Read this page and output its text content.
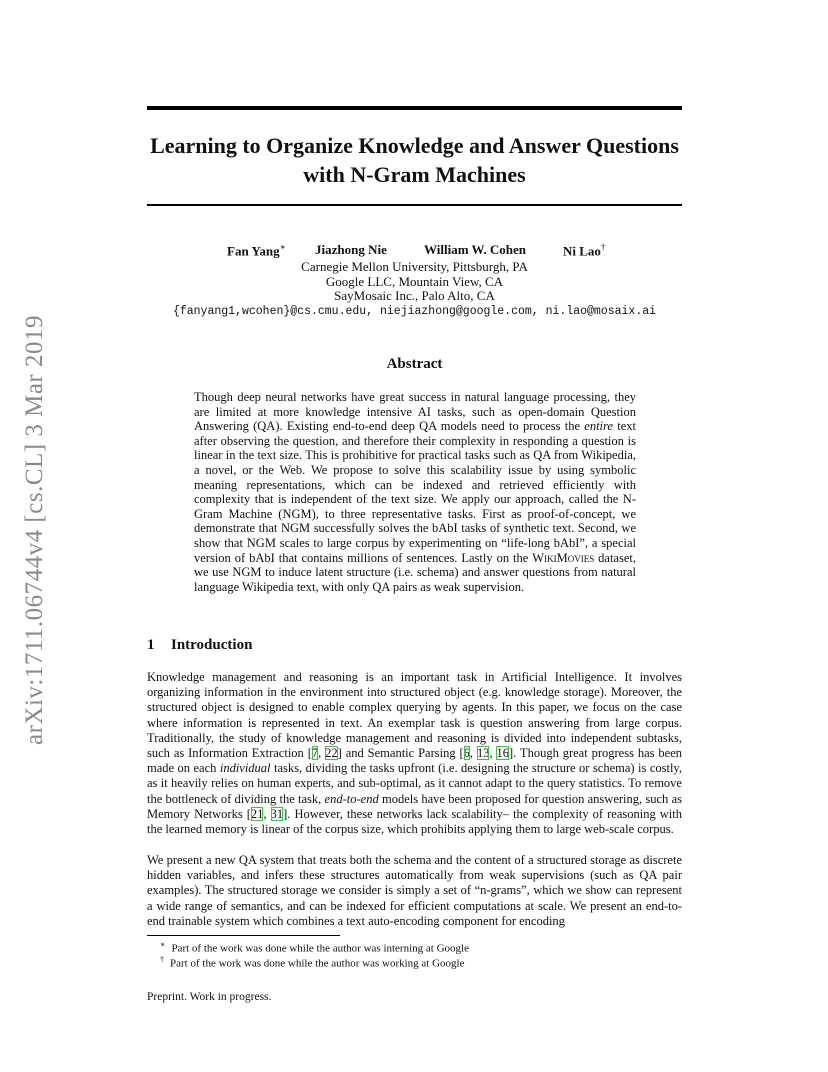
Learning to Organize Knowledge and Answer Questions with N-Gram Machines
arXiv:1711.06744v4 [cs.CL] 3 Mar 2019
Fan Yang∗ Jiazhong Nie	William W. Cohen	Ni Lao†
Carnegie Mellon University, Pittsburgh, PA
Google LLC, Mountain View, CA
SayMosaic Inc., Palo Alto, CA
{fanyang1,wcohen}@cs.cmu.edu, niejiazhong@google.com, ni.lao@mosaix.ai
Abstract

Though deep neural networks have great success in natural language processing, they are limited at more knowledge intensive AI tasks, such as open-domain Question Answering (QA). Existing end-to-end deep QA models need to process the entire text after observing the question, and therefore their complexity in responding a question is linear in the text size. This is prohibitive for practical tasks such as QA from Wikipedia, a novel, or the Web. We propose to solve this scalability issue by using symbolic meaning representations, which can be indexed and retrieved efficiently with complexity that is independent of the text size. We apply our approach, called the N-Gram Machine (NGM), to three representative tasks. First as proof-of-concept, we demonstrate that NGM successfully solves the bAbI tasks of synthetic text. Second, we show that NGM scales to large corpus by experimenting on “life-long bAbI”, a special version of bAbI that contains millions of sentences. Lastly on the WikiMovies dataset, we use NGM to induce latent structure (i.e. schema) and answer questions from natural language Wikipedia text, with only QA pairs as weak supervision.

1 Introduction

Knowledge management and reasoning is an important task in Artificial Intelligence. It involves organizing information in the environment into structured object (e.g. knowledge storage). Moreover, the structured object is designed to enable complex querying by agents. In this paper, we focus on the case where information is represented in text. An exemplar task is question answering from large corpus. Traditionally, the study of knowledge management and reasoning is divided into independent subtasks, such as Information Extraction [7, 22] and Semantic Parsing [6, 13, 16]. Though great progress has been made on each individual tasks, dividing the tasks upfront (i.e. designing the structure or schema) is costly, as it heavily relies on human experts, and sub-optimal, as it cannot adapt to the query statistics. To remove the bottleneck of dividing the task, end-to-end models have been proposed for question answering, such as Memory Networks [21, 31]. However, these networks lack scalability– the complexity of reasoning with the learned memory is linear of the corpus size, which prohibits applying them to large web-scale corpus.

We present a new QA system that treats both the schema and the content of a structured storage as discrete hidden variables, and infers these structures automatically from weak supervisions (such as QA pair examples). The structured storage we consider is simply a set of “n-grams”, which we show can represent a wide range of semantics, and can be indexed for efficient computations at scale. We present an end-to-end trainable system which combines a text auto-encoding component for encoding

∗ Part of the work was done while the author was interning at Google
† Part of the work was done while the author was working at Google
Preprint. Work in progress.
